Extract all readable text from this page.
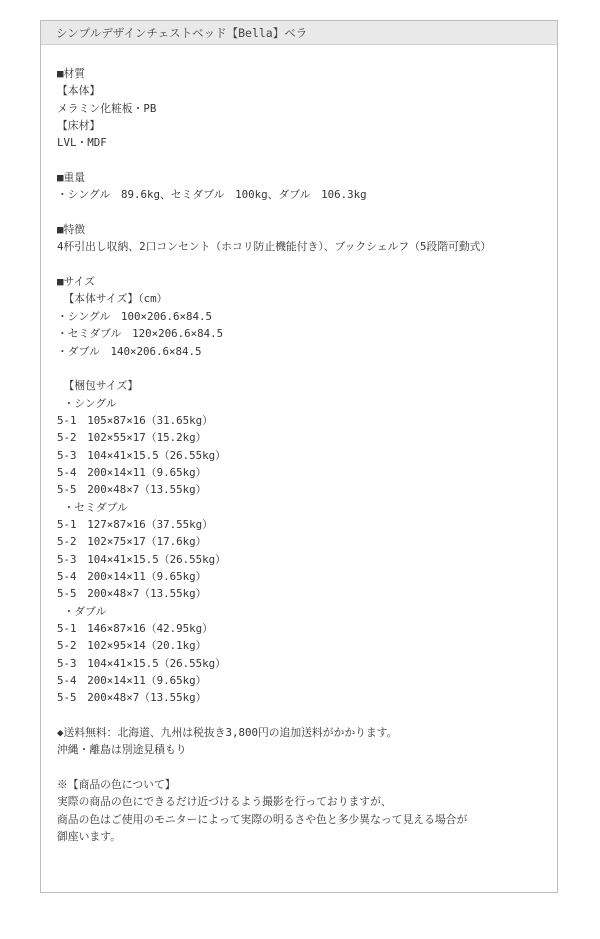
シンプルデザインチェストベッド【Bella】ベラ
■材質
【本体】
メラミン化粧板・PB
【床材】
LVL・MDF
■重量
・シングル　89.6kg、セミダブル　100kg、ダブル　106.3kg
■特徴
4杯引出し収納、2口コンセント（ホコリ防止機能付き）、ブックシェルフ（5段階可動式）
■サイズ
【本体サイズ】（cm）
・シングル　100×206.6×84.5
・セミダブル　120×206.6×84.5
・ダブル　140×206.6×84.5
【梱包サイズ】
・シングル
5-1　105×87×16（31.65kg）
5-2　102×55×17（15.2kg）
5-3　104×41×15.5（26.55kg）
5-4　200×14×11（9.65kg）
5-5　200×48×7（13.55kg）
・セミダブル
5-1　127×87×16（37.55kg）
5-2　102×75×17（17.6kg）
5-3　104×41×15.5（26.55kg）
5-4　200×14×11（9.65kg）
5-5　200×48×7（13.55kg）
・ダブル
5-1　146×87×16（42.95kg）
5-2　102×95×14（20.1kg）
5-3　104×41×15.5（26.55kg）
5-4　200×14×11（9.65kg）
5-5　200×48×7（13.55kg）
◆送料無料：北海道、九州は税抜き3,800円の追加送料がかかります。
沖縄・離島は別途見積もり
※【商品の色について】
実際の商品の色にできるだけ近づけるよう撮影を行っておりますが、
商品の色はご使用のモニターによって実際の明るさや色と多少異なって見える場合が
御座います。
